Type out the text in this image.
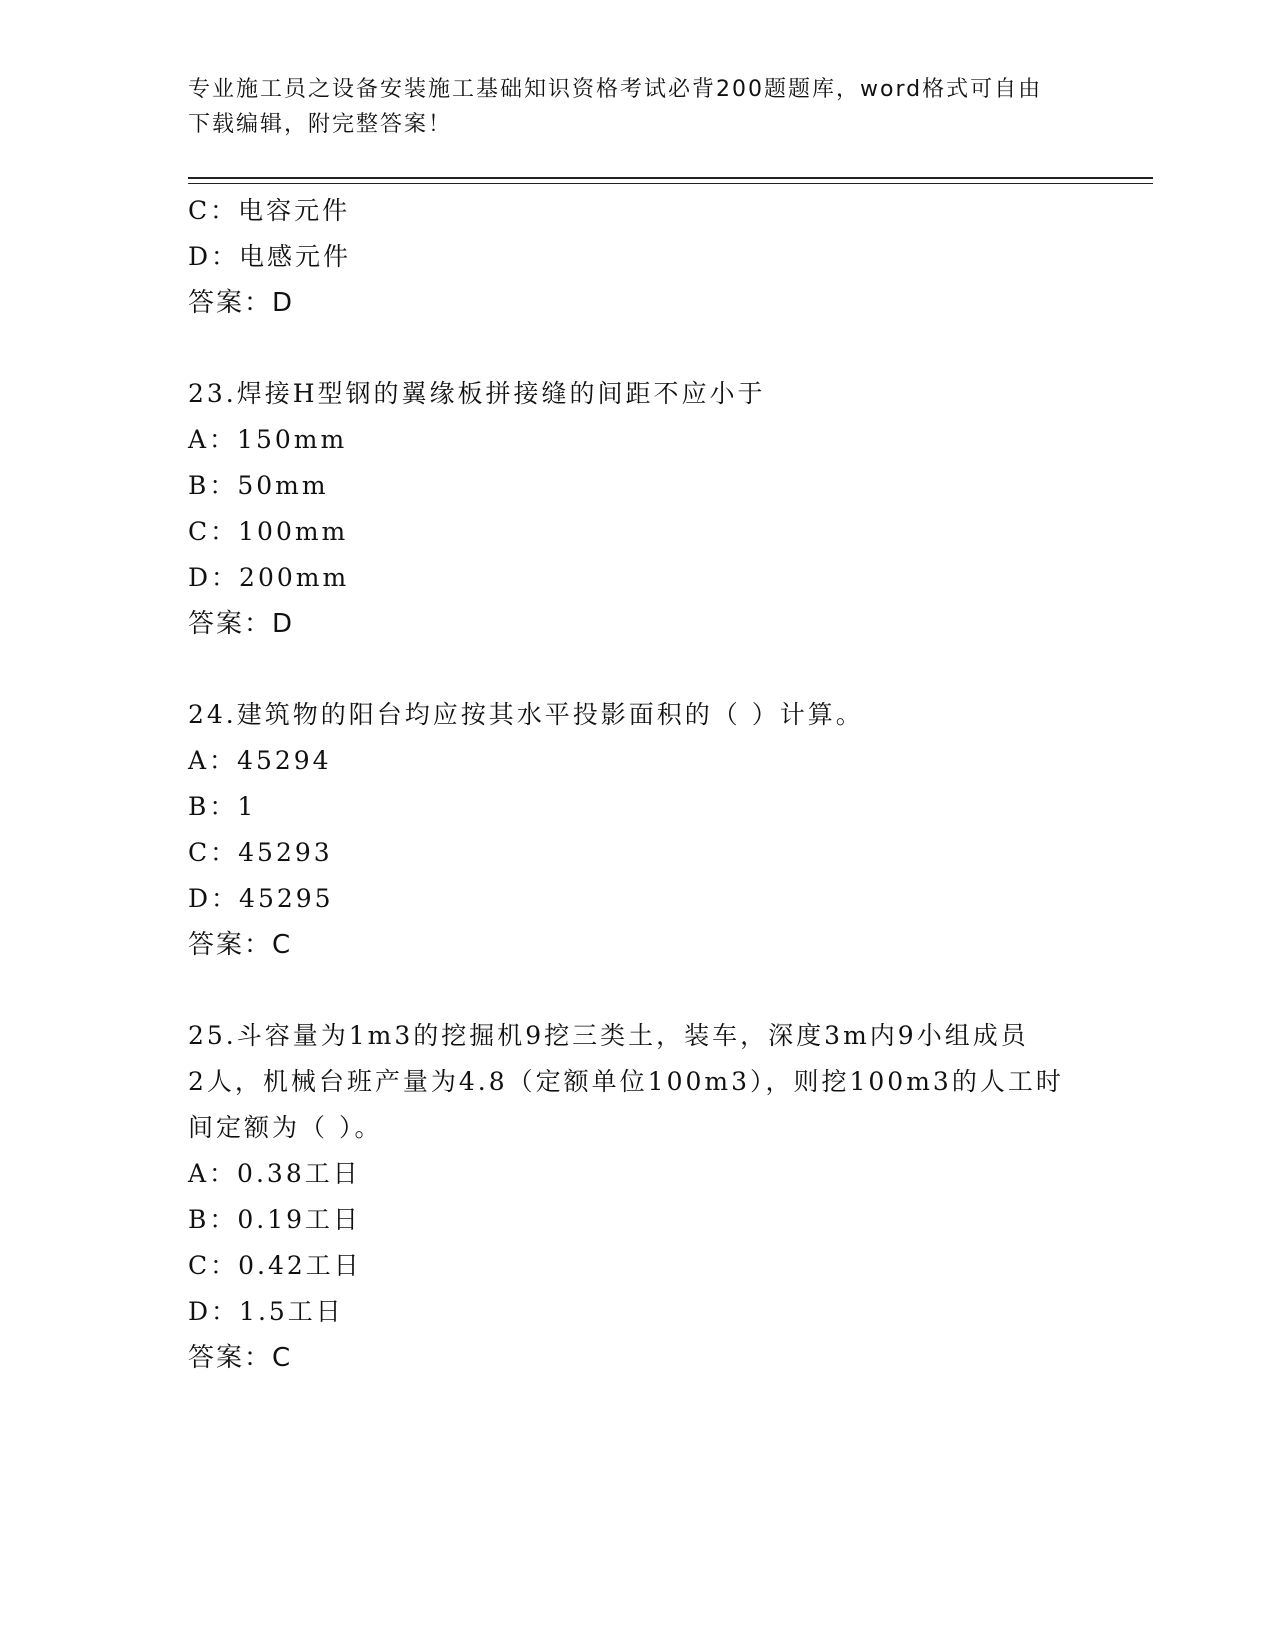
专业施工员之设备安装施工基础知识资格考试必背200题题库，word格式可自由
下载编辑，附完整答案！
C：电容元件
D：电感元件
答案：D
23.焊接H型钢的翼缘板拼接缝的间距不应小于
A：150mm
B：50mm
C：100mm
D：200mm
答案：D
24.建筑物的阳台均应按其水平投影面积的（ ）计算。
A：45294
B：1
C：45293
D：45295
答案：C
25.斗容量为1m3的挖掘机9挖三类土，装车，深度3m内9小组成员
2人，机械台班产量为4.8（定额单位100m3），则挖100m3的人工时
间定额为（ ）。
A：0.38工日
B：0.19工日
C：0.42工日
D：1.5工日
答案：C
